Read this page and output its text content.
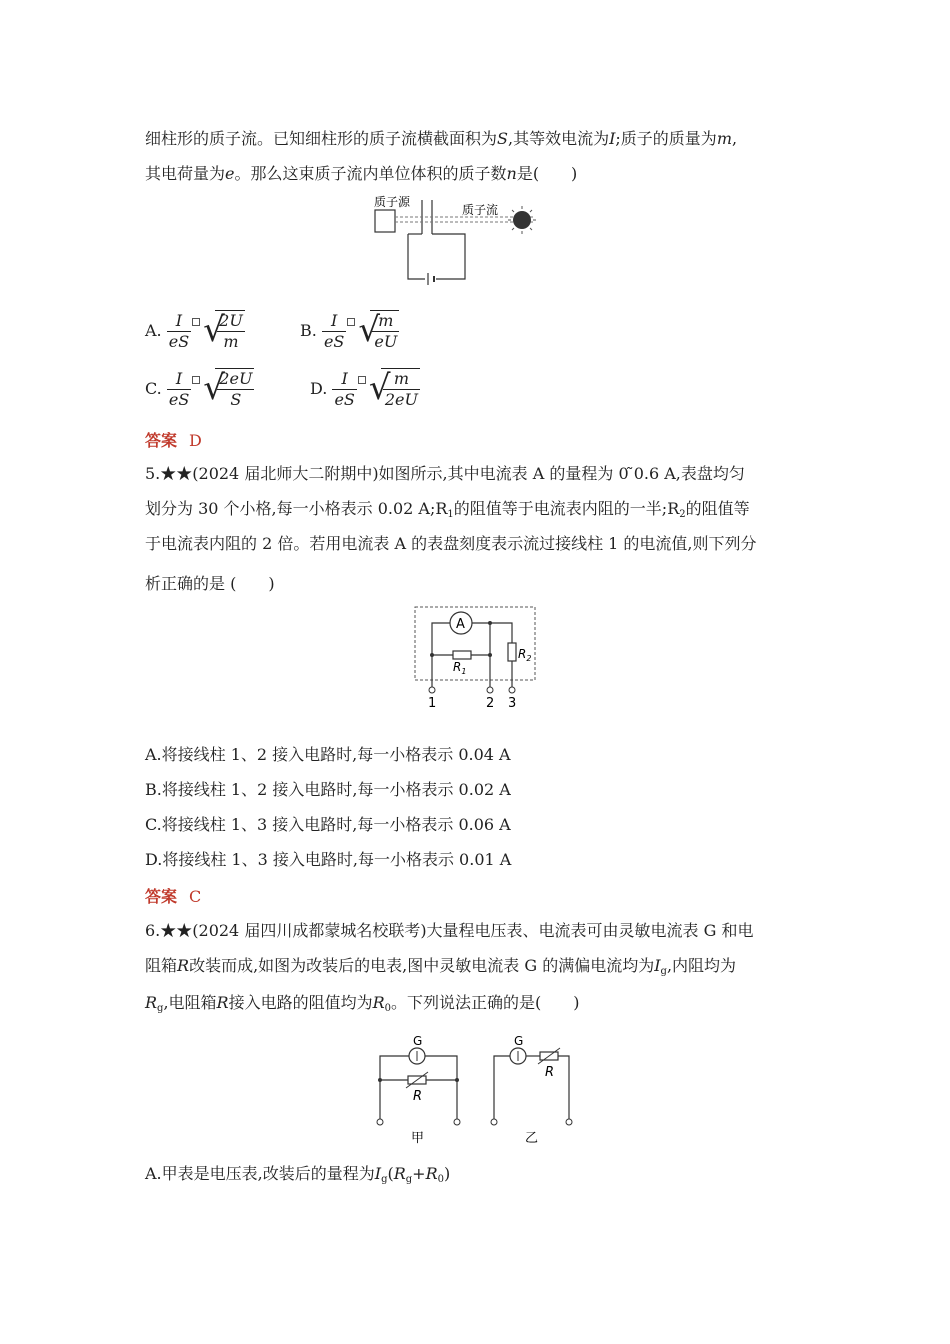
细柱形的质子流。已知细柱形的质子流横截面积为S,其等效电流为I;质子的质量为m,
其电荷量为e。那么这束质子流内单位体积的质子数n是(　　)
质子源
质子流
A. $\frac{I}{eS}$ √
$\frac{2U}{m}$	B. $\frac{I}{eS}$ √
$\frac{m}{eU}$
C. $\frac{I}{eS}$ √
$\frac{2eU}{S}$	D. $\frac{I}{eS}$ √
$\frac{m}{2eU}$
答案 D
5.★★(2024 届北师大二附期中)如图所示,其中电流表 A 的量程为 0 ̃0.6 A,表盘均匀
划分为 30 个小格,每一小格表示 0.02 $A;R_1$的阻值等于电流表内阻的一半$;R_2$的阻值等
于电流表内阻的 2 倍。若用电流表 A 的表盘刻度表示流过接线柱 1 的电流值,则下列分
析正确的是 (　　)
A
$R_1$
$R_2$
1	2 3
A.将接线柱 1、2 接入电路时,每一小格表示 0.04 A
B.将接线柱 1、2 接入电路时,每一小格表示 0.02 A
C.将接线柱 1、3 接入电路时,每一小格表示 0.06 A
D.将接线柱 1、3 接入电路时,每一小格表示 0.01 A
答案 C
6.★★(2024 届四川成都蒙城名校联考)大量程电压表、电流表可由灵敏电流表 G 和电
阻箱R改装而成,如图为改装后的电表,图中灵敏电流表 G 的满偏电流均为$I_g$,内阻均为
$R_g$,电阻箱R接入电路的阻值均为$R_0$。下列说法正确的是(　　)
G
R
甲
G
R
乙
A.甲表是电压表,改装后的量程为$I_g(R_g+R_0)$
